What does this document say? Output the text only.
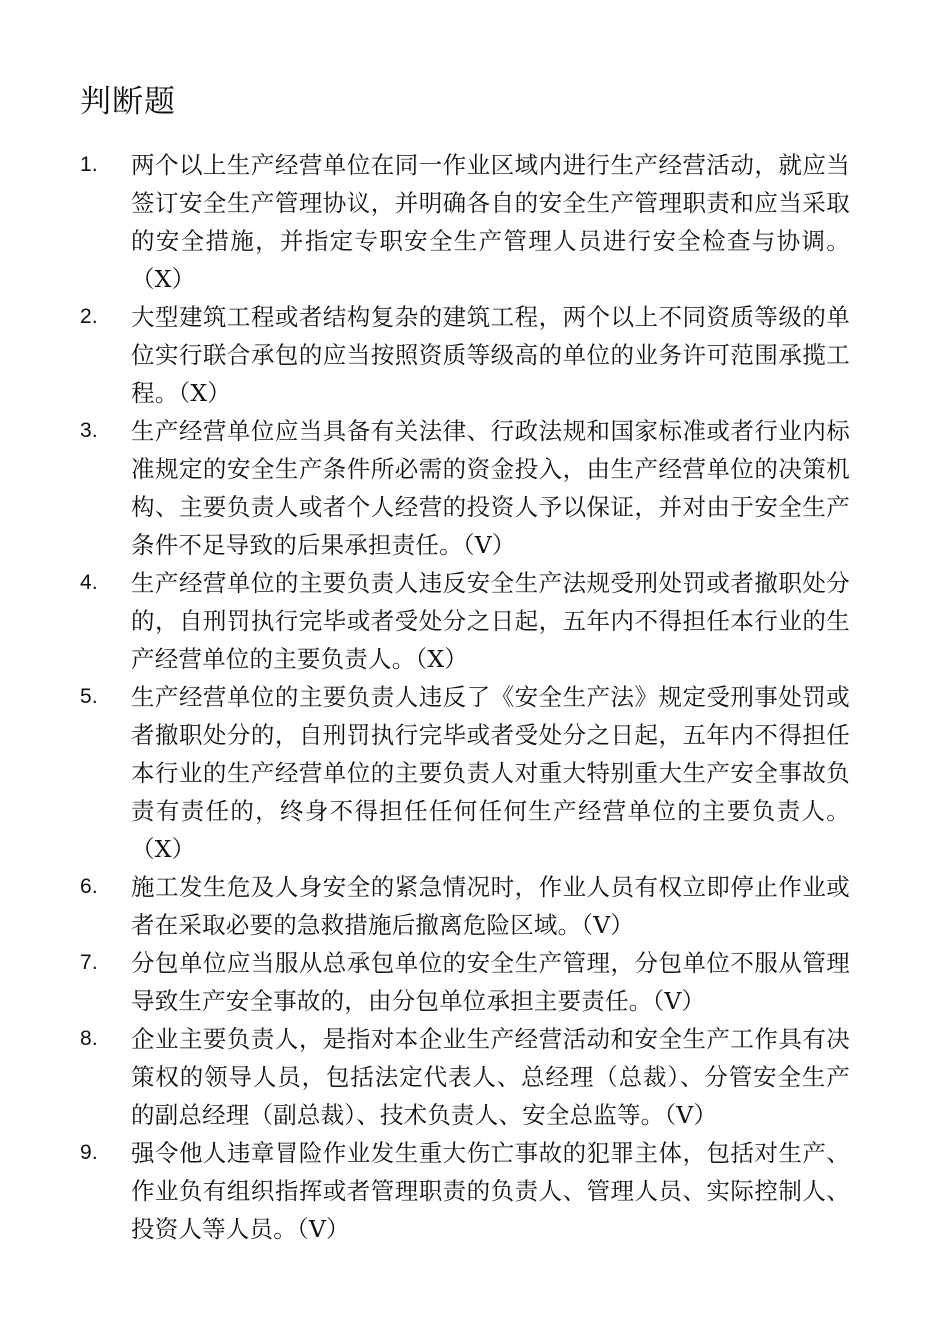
判断题
1. 两个以上生产经营单位在同一作业区域内进行生产经营活动，就应当签订安全生产管理协议，并明确各自的安全生产管理职责和应当采取的安全措施，并指定专职安全生产管理人员进行安全检查与协调。（X）
2. 大型建筑工程或者结构复杂的建筑工程，两个以上不同资质等级的单位实行联合承包的应当按照资质等级高的单位的业务许可范围承揽工程。（X）
3. 生产经营单位应当具备有关法律、行政法规和国家标准或者行业内标准规定的安全生产条件所必需的资金投入，由生产经营单位的决策机构、主要负责人或者个人经营的投资人予以保证，并对由于安全生产条件不足导致的后果承担责任。（V）
4. 生产经营单位的主要负责人违反安全生产法规受刑处罚或者撤职处分的，自刑罚执行完毕或者受处分之日起，五年内不得担任本行业的生产经营单位的主要负责人。（X）
5. 生产经营单位的主要负责人违反了《安全生产法》规定受刑事处罚或者撤职处分的，自刑罚执行完毕或者受处分之日起，五年内不得担任本行业的生产经营单位的主要负责人对重大特别重大生产安全事故负责有责任的，终身不得担任任何任何生产经营单位的主要负责人。（X）
6. 施工发生危及人身安全的紧急情况时，作业人员有权立即停止作业或者在采取必要的急救措施后撤离危险区域。（V）
7. 分包单位应当服从总承包单位的安全生产管理，分包单位不服从管理导致生产安全事故的，由分包单位承担主要责任。（V）
8. 企业主要负责人，是指对本企业生产经营活动和安全生产工作具有决策权的领导人员，包括法定代表人、总经理（总裁）、分管安全生产的副总经理（副总裁）、技术负责人、安全总监等。（V）
9. 强令他人违章冒险作业发生重大伤亡事故的犯罪主体，包括对生产、作业负有组织指挥或者管理职责的负责人、管理人员、实际控制人、投资人等人员。（V）
